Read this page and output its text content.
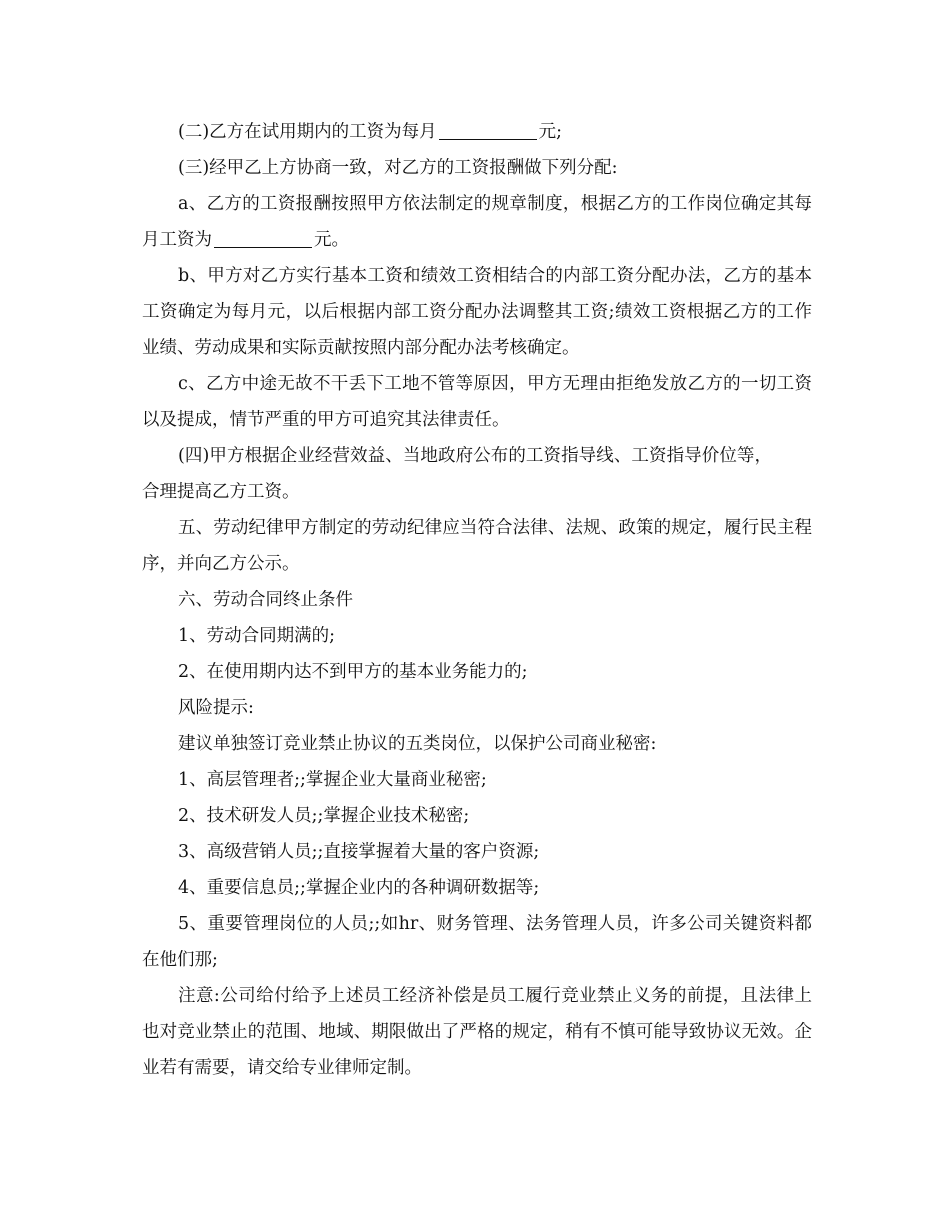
(二)乙方在试用期内的工资为每月	元;

(三)经甲乙上方协商一致，对乙方的工资报酬做下列分配:

a、乙方的工资报酬按照甲方依法制定的规章制度，根据乙方的工作岗位确定其每月工资为	元。

b、甲方对乙方实行基本工资和绩效工资相结合的内部工资分配办法，乙方的基本工资确定为每月元，以后根据内部工资分配办法调整其工资;绩效工资根据乙方的工作业绩、劳动成果和实际贡献按照内部分配办法考核确定。

c、乙方中途无故不干丢下工地不管等原因，甲方无理由拒绝发放乙方的一切工资以及提成，情节严重的甲方可追究其法律责任。

(四)甲方根据企业经营效益、当地政府公布的工资指导线、工资指导价位等，合理提高乙方工资。

五、劳动纪律甲方制定的劳动纪律应当符合法律、法规、政策的规定，履行民主程序，并向乙方公示。

六、劳动合同终止条件

1、劳动合同期满的;

2、在使用期内达不到甲方的基本业务能力的;

风险提示:

建议单独签订竞业禁止协议的五类岗位，以保护公司商业秘密:

1、高层管理者;;掌握企业大量商业秘密;

2、技术研发人员;;掌握企业技术秘密;

3、高级营销人员;;直接掌握着大量的客户资源;

4、重要信息员;;掌握企业内的各种调研数据等;

5、重要管理岗位的人员;;如hr、财务管理、法务管理人员，许多公司关键资料都在他们那;

注意:公司给付给予上述员工经济补偿是员工履行竞业禁止义务的前提，且法律上也对竞业禁止的范围、地域、期限做出了严格的规定，稍有不慎可能导致协议无效。企业若有需要，请交给专业律师定制。
